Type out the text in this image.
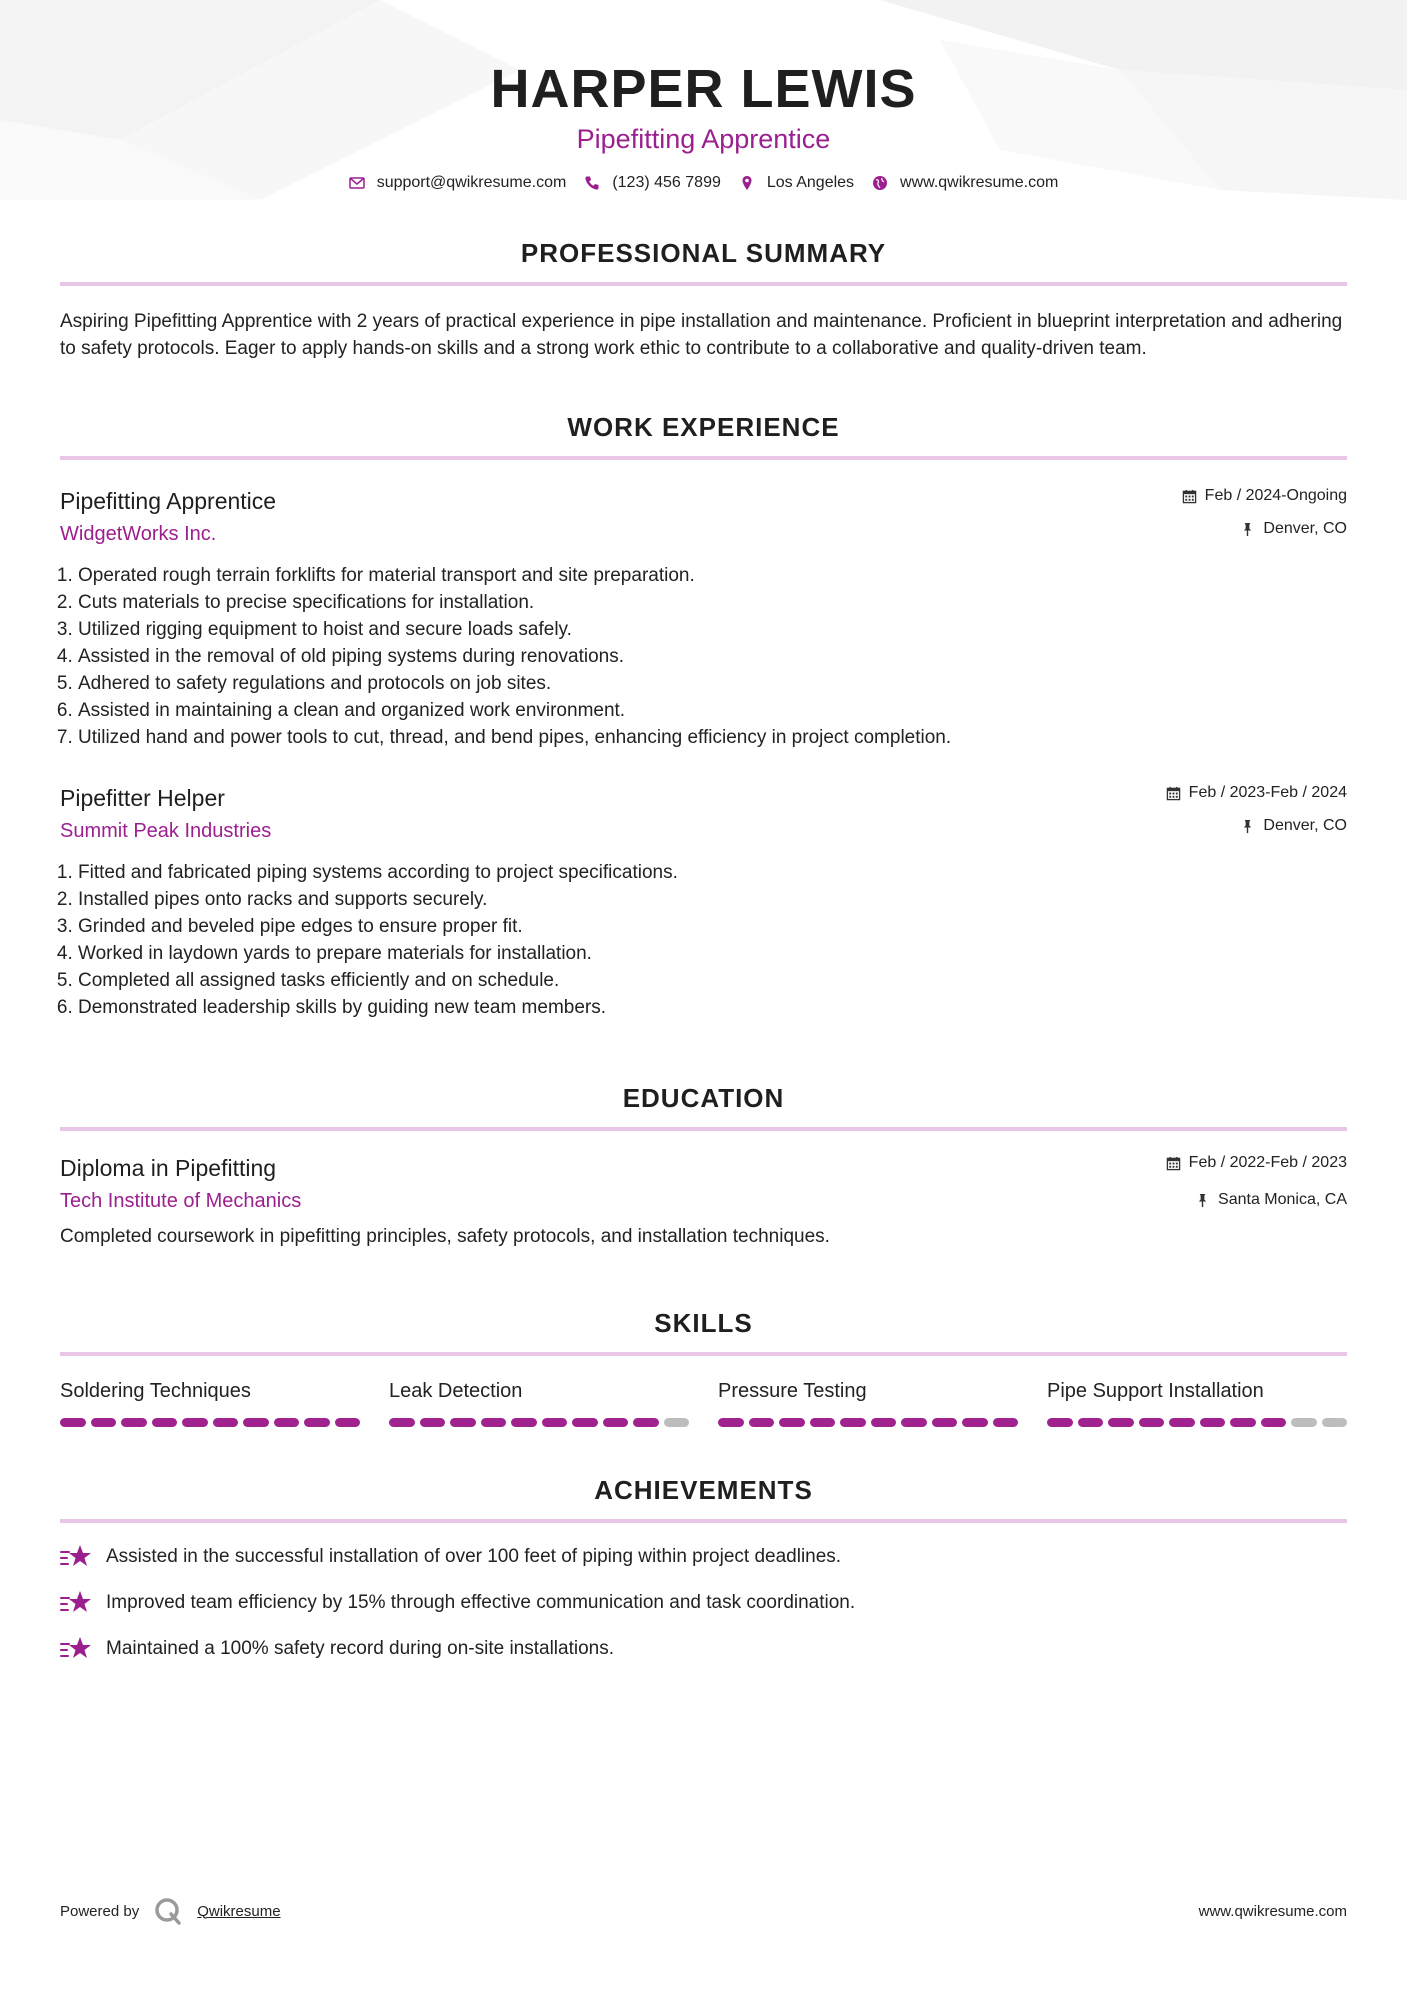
HARPER LEWIS
Pipefitting Apprentice
support@qwikresume.com	(123) 456 7899	Los Angeles	www.qwikresume.com
PROFESSIONAL SUMMARY
Aspiring Pipefitting Apprentice with 2 years of practical experience in pipe installation and maintenance. Proficient in blueprint interpretation and adhering to safety protocols. Eager to apply hands-on skills and a strong work ethic to contribute to a collaborative and quality-driven team.
WORK EXPERIENCE
Pipefitting Apprentice
WidgetWorks Inc.
Feb / 2024-Ongoing
Denver, CO
1. Operated rough terrain forklifts for material transport and site preparation.
2. Cuts materials to precise specifications for installation.
3. Utilized rigging equipment to hoist and secure loads safely.
4. Assisted in the removal of old piping systems during renovations.
5. Adhered to safety regulations and protocols on job sites.
6. Assisted in maintaining a clean and organized work environment.
7. Utilized hand and power tools to cut, thread, and bend pipes, enhancing efficiency in project completion.
Pipefitter Helper
Summit Peak Industries
Feb / 2023-Feb / 2024
Denver, CO
1. Fitted and fabricated piping systems according to project specifications.
2. Installed pipes onto racks and supports securely.
3. Grinded and beveled pipe edges to ensure proper fit.
4. Worked in laydown yards to prepare materials for installation.
5. Completed all assigned tasks efficiently and on schedule.
6. Demonstrated leadership skills by guiding new team members.
EDUCATION
Diploma in Pipefitting
Tech Institute of Mechanics
Feb / 2022-Feb / 2023
Santa Monica, CA
Completed coursework in pipefitting principles, safety protocols, and installation techniques.
SKILLS
Soldering Techniques	Leak Detection	Pressure Testing	Pipe Support Installation
ACHIEVEMENTS
Assisted in the successful installation of over 100 feet of piping within project deadlines.
Improved team efficiency by 15% through effective communication and task coordination.
Maintained a 100% safety record during on-site installations.
Powered by	Qwikresume	www.qwikresume.com
